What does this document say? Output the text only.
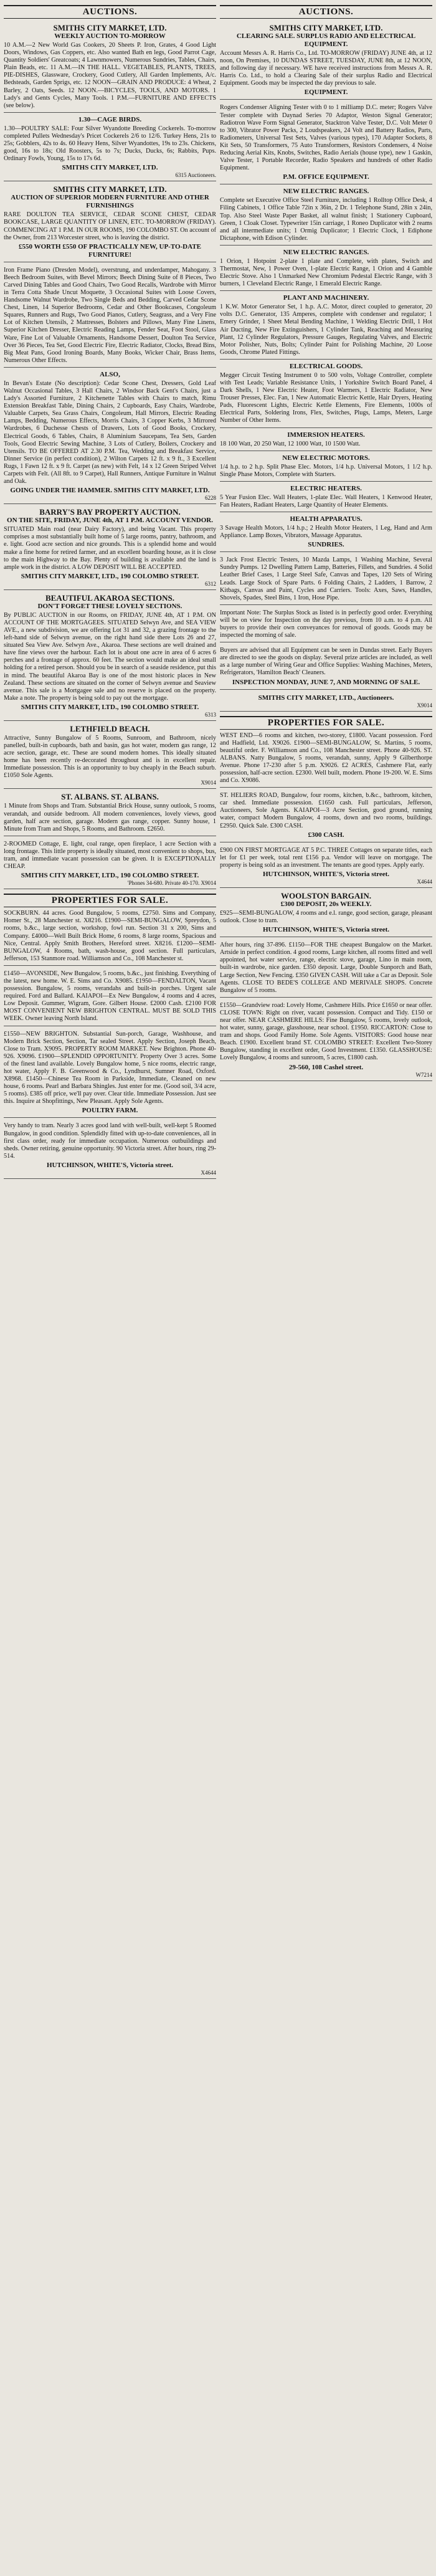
AUCTIONS.
SMITHS CITY MARKET, LTD.
WEEKLY AUCTION TO-MORROW
10 A.M.—2 New World Gas Cookers, 20 Sheets P. Iron, Grates, 4 Good Light Doors, Windows, Gas Coppers, etc. Also wanted Bath en legs, Good Parrot Cage, Quantity Soldiers' Greatcoats; 4 Lawnmowers, Numerous Sundries, Tables, Chairs, Plain Beads, etc. 11 A.M.—IN THE HALL. VEGETABLES, PLANTS, TREES, PIE-DISHES, Glassware, Crockery, Good Cutlery, All Garden Implements, A/c. Bedsteads, Garden Sprigs, etc. 12 NOON—GRAIN AND PRODUCE: 4 Wheat, 2 Barley, 2 Oats, Seeds. 12 NOON.—BICYCLES, TOOLS, AND MOTORS. 1 Lady's and Gents Cycles, Many Tools. 1 P.M.—FURNITURE AND EFFECTS (see below).
1.30—CAGE BIRDS.
1.30—POULTRY SALE: Four Silver Wyandotte Breeding Cockerels. To-morrow completed Pullets Wednesday's Pricet Cockerels 2/6 to 12/6. Turkey Hens, 21s to 25s; Gobblers, 42s to 4s. 60 Heavy Hens, Silver Wyandottes, 19s to 23s. Chickens, good, 16s to 18s; Old Roosters, 5s to 7s; Ducks, Ducks, 6s; Rabbits, Pups. Ordinary Fowls, Young, 15s to 17s 6d.
SMITHS CITY MARKET, LTD.
6315 Auctioneers.
SMITHS CITY MARKET, LTD.
AUCTION OF SUPERIOR MODERN FURNITURE AND OTHER FURNISHINGS
RARE DOULTON TEA SERVICE, CEDAR SCONE CHEST, CEDAR BOOKCASE, LARGE QUANTITY OF LINEN, ETC. TO-MORROW (FRIDAY). COMMENCING AT 1 P.M. IN OUR ROOMS, 190 COLOMBO ST. On account of the Owner, from 213 Worcester street, who is leaving the district.
£550 WORTH £550 OF PRACTICALLY NEW, UP-TO-DATE FURNITURE!
Iron Frame Piano (Dresden Model), overstrung, and underdamper, Mahogany. 3 Beech Bedroom Suites, with Bevel Mirrors; Beech Dining Suite of 8 Pieces, Two Carved Dining Tables and Good Chairs, Two Good Recalls, Wardrobe with Mirror in Terra Cotta Shade Uncut Moquette, 3 Occasional Suites with Loose Covers, Handsome Walnut Wardrobe, Two Single Beds and Bedding, Carved Cedar Scone Chest, Linen, 14 Superior Bedrooms, Cedar and Other Bookcases, Congoleum Squares, Runners and Rugs, Two Good Pianos, Cutlery, Seagrass, and a Very Fine Lot of Kitchen Utensils, 2 Mattresses, Bolsters and Pillows, Many Fine Linens, Superior Kitchen Dresser, Electric Reading Lamps, Fender Seat, Foot Stool, Glass Ware, Fine Lot of Valuable Ornaments, Handsome Dessert, Doulton Tea Service, Over 36 Pieces, Tea Set, Good Electric Fire, Electric Radiator, Clocks, Bread Bins, Big Meat Pans, Good Ironing Boards, Many Books, Wicker Chair, Brass Items, Numerous Other Effects.
ALSO,
In Bevan's Estate (No description): Cedar Scone Chest, Dressers, Gold Leaf Walnut Occasional Tables, 3 Hall Chairs, 2 Windsor Back Gent's Chairs, just a Lady's Assorted Furniture, 2 Kitchenette Tables with Chairs to match, Rimu Extension Breakfast Table, Dining Chairs, 2 Cupboards, Easy Chairs, Wardrobe, Valuable Carpets, Sea Grass Chairs, Congoleum, Hall Mirrors, Electric Reading Lamps, Bedding, Numerous Effects, Morris Chairs, 3 Copper Kerbs, 3 Mirrored Wardrobes, 6 Duchesse Chests of Drawers, Lots of Good Books, Crockery, Electrical Goods, 6 Tables, Chairs, 8 Aluminium Saucepans, Tea Sets, Garden Tools, Good Electric Sewing Machine, 3 Lots of Cutlery, Boilers, Crockery and Utensils. TO BE OFFERED AT 2.30 P.M. Tea, Wedding and Breakfast Service, Dinner Service (in perfect condition), 2 Wilton Carpets 12 ft. x 9 ft., 3 Excellent Rugs, 1 Fawn 12 ft. x 9 ft. Carpet (as new) with Felt, 14 x 12 Green Striped Velvet Carpets with Felt. (All 8ft. to 9 Carpet), Hall Runners, Antique Furniture in Walnut and Oak.
GOING UNDER THE HAMMER. SMITHS CITY MARKET, LTD.
6228
BARRY'S BAY PROPERTY AUCTION.
ON THE SITE, FRIDAY, JUNE 4th, AT 1 P.M. ACCOUNT VENDOR.
SITUATED Main road (near Dairy Factory), and being Vacant. This property comprises a most substantially built home of 5 large rooms, pantry, bathroom, and e. light. Good acre section and nice grounds. This is a splendid home and would make a fine home for retired farmer, and an excellent boarding house, as it is close to the main Highway to the Bay. Plenty of building is available and the land is ample work in the district. A LOW DEPOSIT WILL BE ACCEPTED.
SMITHS CITY MARKET, LTD., 190 COLOMBO STREET.
6312
BEAUTIFUL AKAROA SECTIONS.
DON'T FORGET THESE LOVELY SECTIONS.
By PUBLIC AUCTION in our Rooms, on FRIDAY, JUNE 4th, AT 1 P.M. ON ACCOUNT OF THE MORTGAGEES. SITUATED Selwyn Ave, and SEA VIEW AVE., a new subdivision, we are offering Lot 31 and 32, a grazing frontage to the left-hand side of Selwyn avenue, on the right hand side there Lots 26 and 27, situated Sea View Ave. Selwyn Ave., Akaroa. These sections are well drained and have fine views over the harbour. Each lot is about one acre in area of 6 acres 6 perches and a frontage of approx. 60 feet. The section would make an ideal small holding for a retired person. Should you be in search of a seaside residence, put this in mind. The beautiful Akaroa Bay is one of the most historic places in New Zealand. These sections are situated on the corner of Selwyn avenue and Seaview avenue. This sale is a Mortgagee sale and no reserve is placed on the property. Make a note. The property is being sold to pay out the mortgage.
SMITHS CITY MARKET, LTD., 190 COLOMBO STREET.
6313
LETHFIELD BEACH.
Attractive, Sunny Bungalow of 5 Rooms, Sunroom, and Bathroom, nicely panelled, built-in cupboards, bath and basin, gas hot water, modern gas range, 12 acre section, garage, etc. These are sound modern homes. This ideally situated home has been recently re-decorated throughout and is in excellent repair. Immediate possession. This is an opportunity to buy cheaply in the Beach suburb. £1050 Sole Agents.
X9014
ST. ALBANS. ST. ALBANS.
1 Minute from Shops and Tram. Substantial Brick House, sunny outlook, 5 rooms, verandah, and outside bedroom. All modern conveniences, lovely views, good garden, half acre section, garage. Modern gas range, copper. Sunny house, 1 Minute from Tram and Shops, 5 Rooms, and Bathroom. £2650.
2-ROOMED Cottage, E. light, coal range, open fireplace, 1 acre Section with a long frontage. This little property is ideally situated, most convenient to shops, bus, tram, and immediate vacant possession can be given. It is EXCEPTIONALLY CHEAP.
SMITHS CITY MARKET, LTD., 190 COLOMBO STREET.
'Phones 34-680. Private 40-170. X9014
PROPERTIES FOR SALE.
SOCKBURN. 44 acres. Good Bungalow, 5 rooms, £2750. Sims and Company, Homer St., 28 Manchester st. X8216. £1900—SEMI-BUNGALOW, Spreydon, 5 rooms, b.&c., large section, workshop, fowl run. Section 31 x 200, Sims and Company. £4000—Well Built Brick Home, 6 rooms, 8 large rooms, Spacious and Nice, Central. Apply Smith Brothers, Hereford street. X8216. £1200—SEMI-BUNGALOW, 4 Rooms, bath, wash-house, good section. Full particulars, Jefferson, 153 Stanmore road. Williamson and Co., 108 Manchester st.
£1450—AVONSIDE, New Bungalow, 5 rooms, b.&c., just finishing. Everything of the latest, new home. W. E. Sims and Co. X9085. £1950—FENDALTON, Vacant possession. Bungalow, 5 rooms, verandahs and built-in porches. Urgent sale required. Ford and Ballard. KAIAPOI—Ex New Bungalow, 4 rooms and 4 acres, Low Deposit. Gummer, Wigram, Gore. Gilbert House. £2000 Cash. £2100 FOR MOST CONVENIENT NEW BRIGHTON CENTRAL. MUST BE SOLD THIS WEEK. Owner leaving North Island.
£1550—NEW BRIGHTON. Substantial Sun-porch, Garage, Washhouse, and Modern Brick Section, Section, Tar sealed Street. Apply Section, Joseph Beach, Close to Tram. X9095. PROPERTY ROOM MARKET. New Brighton. Phone 40-926. X9096. £1900—SPLENDID OPPORTUNITY. Property Over 3 acres. Some of the finest land available. Lovely Bungalow home, 5 nice rooms, electric range, hot water, Apply F. B. Greenwood & Co., Lyndhurst, Sumner Road, Oxford. X8968. £1450—Chinese Tea Room in Parkside, Immediate, Cleaned on new house, 6 rooms. Pearl and Barbara Shingles. Just enter for me. (Good soil, 3/4 acre, 5 rooms). £385 off price, we'll pay over. Clear title. Immediate Possession. Just see this. Inquire at Shopfittings, New Pleasant. Apply Sole Agents.
POULTRY FARM.
Very handy to tram. Nearly 3 acres good land with well-built, well-kept 5 Roomed Bungalow, in good condition. Splendidly fitted with up-to-date conveniences, all in first class order, ready for immediate occupation. Numerous outbuildings and sheds. Owner retiring, genuine opportunity. 90 Victoria street. After hours, ring 29-514.
HUTCHINSON, WHITE'S, Victoria street.
X4644
AUCTIONS.
SMITHS CITY MARKET, LTD.
CLEARING SALE. SURPLUS RADIO AND ELECTRICAL EQUIPMENT.
Account Messrs A. R. Harris Co., Ltd. TO-MORROW (FRIDAY) JUNE 4th, at 12 noon, On Premises, 10 DUNDAS STREET, TUESDAY, JUNE 8th, at 12 NOON, and following day if necessary. WE have received instructions from Messrs A. R. Harris Co. Ltd., to hold a Clearing Sale of their surplus Radio and Electrical Equipment. Goods may be inspected the day previous to sale.
EQUIPMENT.
Rogers Condenser Aligning Tester with 0 to 1 milliamp D.C. meter; Rogers Valve Tester complete with Daynad Series 70 Adaptor, Weston Signal Generator; Radiotron Wave Form Signal Generator, Stacktron Valve Tester, D.C. Volt Meter 0 to 300, Vibrator Power Packs, 2 Loudspeakers, 24 Volt and Battery Radios, Parts, Radiometers, Universal Test Sets, Valves (various types), 170 Adapter Sockets, 8 Kit Sets, 50 Transformers, 75 Auto Transformers, Resistors Condensers, 4 Noise Reducing Aerial Kits, Knobs, Switches, Radio Aerials (house type), new 1 Gaskin, Valve Tester, 1 Portable Recorder, Radio Speakers and hundreds of other Radio Equipment.
P.M. OFFICE EQUIPMENT.
NEW ELECTRIC RANGES.
Complete set Executive Office Steel Furniture, including 1 Rolltop Office Desk, 4 Filing Cabinets, 1 Office Table 72in x 36in, 2 Dr. 1 Telephone Stand, 28in x 24in, Top. Also Steel Waste Paper Basket, all walnut finish; 1 Stationery Cupboard, Green, 1 Cloak Closet. Typewriter 15in carriage, 1 Roneo Duplicator with 2 reams and all intermediate units; 1 Ormig Duplicator; 1 Electric Clock, 1 Ediphone Dictaphone, with Edison Cylinder.
NEW ELECTRIC RANGES.
1 Orion, 1 Hotpoint 2-plate 1 plate and Complete, with plates, Switch and Thermostat, New, 1 Power Oven, 1-plate Electric Range, 1 Orion and 4 Gamble Electric Stove. Also 1 Unmarked New Chromium Pedestal Electric Range, with 3 burners, 1 Cleveland Electric Range, 1 Emerald Electric Range.
PLANT AND MACHINERY.
1 K.W. Motor Generator Set, 1 h.p. A.C. Motor, direct coupled to generator, 20 volts D.C. Generator, 135 Amperes, complete with condenser and regulator; 1 Emery Grinder, 1 Sheet Metal Bending Machine, 1 Welding Electric Drill, 1 Hot Air Ducting, New Fire Extinguishers, 1 Cylinder Tank, Reaching and Measuring Plant, 12 Cylinder Regulators, Pressure Gauges, Regulating Valves, and Electric Motor Polisher, Nuts, Bolts; Cylinder Paint for Polishing Machine, 20 Loose Goods, Chrome Plated Fittings.
ELECTRICAL GOODS.
Megger Circuit Testing Instrument 0 to 500 volts, Voltage Controller, complete with Test Leads; Variable Resistance Units, 1 Yorkshire Switch Board Panel, 4 Dark Shells, 1 New Electric Heater, Foot Warmers, 1 Electric Radiator, New Trouser Presses, Elec. Fan, 1 New Automatic Electric Kettle, Hair Dryers, Heating Pads, Fluorescent Lights, Electric Kettle Elements, Fire Elements, 1000s of Electrical Parts, Soldering Irons, Flex, Switches, Plugs, Lamps, Meters, Large Number of Other Items.
IMMERSION HEATERS.
18 100 Watt, 20 250 Watt, 12 1000 Watt, 10 1500 Watt.
NEW ELECTRIC MOTORS.
1/4 h.p. to 2 h.p. Split Phase Elec. Motors, 1/4 h.p. Universal Motors, 1 1/2 h.p. Single Phase Motors, Complete with Starters.
ELECTRIC HEATERS.
5 Year Fusion Elec. Wall Heaters, 1-plate Elec. Wall Heaters, 1 Kenwood Heater, Fan Heaters, Radiant Heaters, Large Quantity of Heater Elements.
HEALTH APPARATUS.
3 Savage Health Motors, 1/4 h.p.; 2 Health Motor Heaters, 1 Leg, Hand and Arm Appliance. Lamp Boxes, Vibrators, Massage Apparatus.
SUNDRIES.
3 Jack Frost Electric Testers, 10 Mazda Lamps, 1 Washing Machine, Several Sundry Pumps. 12 Dwelling Pattern Lamp, Batteries, Fillets, and Sundries. 4 Solid Leather Brief Cases, 1 Large Steel Safe, Canvas and Tapes, 120 Sets of Wiring Leads. Large Stock of Spare Parts. 6 Folding Chairs, 2 Ladders, 1 Barrow, 2 Kitbags, Canvas and Paint, Cycles and Carriers. Tools: Axes, Saws, Handles, Shovels, Spades, Steel Bins, 1 Iron, Hose Pipe.
Important Note: The Surplus Stock as listed is in perfectly good order. Everything will be on view for Inspection on the day previous, from 10 a.m. to 4 p.m. All buyers to provide their own conveyances for removal of goods. Goods may be inspected the morning of sale.
Buyers are advised that all Equipment can be seen in Dundas street. Early Buyers are directed to see the goods on display. Several prize articles are included, as well as a large number of Wiring Gear and Office Supplies: Washing Machines, Meters, Refrigerators, 'Hamilton Beach' Cleaners.
INSPECTION MONDAY, JUNE 7, AND MORNING OF SALE.
SMITHS CITY MARKET, LTD., Auctioneers.
X9014
PROPERTIES FOR SALE.
WEST END—6 rooms and kitchen, two-storey, £1800. Vacant possession. Ford and Hadfield, Ltd. X9026. £1900—SEMI-BUNGALOW, St. Martins, 5 rooms, beautiful order. F. Williamson and Co., 108 Manchester street. Phone 40-926. ST. ALBANS. Natty Bungalow, 5 rooms, verandah, sunny, Apply 9 Gilberthorpe Avenue. Phone 17-230 after 5 p.m. X9026. £2 ACRES, Cashmere Flat, early possession, half-acre section. £2300. Well built, modern. Phone 19-200. W. E. Sims and Co. X9086.
ST. HELIERS ROAD, Bungalow, four rooms, kitchen, b.&c., bathroom, kitchen, car shed. Immediate possession. £1650 cash. Full particulars, Jefferson, Auctioneers, Sole Agents. KAIAPOI—3 Acre Section, good ground, running water, compact Modern Bungalow, 4 rooms, down and two rooms, buildings. £2950. Quick Sale. £300 CASH.
£300 CASH.
£900 ON FIRST MORTGAGE AT 5 P.C. THREE Cottages on separate titles, each let for £1 per week, total rent £156 p.a. Vendor will leave on mortgage. The property is being sold as an investment. The tenants are good types. Apply early.
HUTCHINSON, WHITE'S, Victoria street.
X4644
WOOLSTON BARGAIN.
£300 DEPOSIT, 20s WEEKLY.
£925—SEMI-BUNGALOW, 4 rooms and e.l. range, good section, garage, pleasant outlook. Close to tram.
HUTCHINSON, WHITE'S, Victoria street.
After hours, ring 37-896. £1150—FOR THE cheapest Bungalow on the Market. Artside in perfect condition. 4 good rooms, Large kitchen, all rooms fitted and well appointed, hot water service, range, electric stove, garage, Lino in main room, built-in wardrobe, nice garden. £350 deposit. Large, Double Sunporch and Bath, Large Section, New Fencing. £350 GIVEN CASH. Will take a Car as Deposit. Sole Agents. CLOSE TO BEDE'S COLLEGE AND MERIVALE SHOPS. Concrete Bungalow of 5 rooms.
£1550—Grandview road: Lovely Home, Cashmere Hills. Price £1650 or near offer. CLOSE TOWN: Right on river, vacant possession. Compact and Tidy. £150 or near offer. NEAR CASHMERE HILLS: Fine Bungalow, 5 rooms, lovely outlook, hot water, sunny, garage, glasshouse, near school. £1950. RICCARTON: Close to tram and shops. Good Family Home. Sole Agents. VISITORS: Good house near Beach. £1900. Excellent brand ST. COLOMBO STREET: Excellent Two-Storey Bungalow, standing in excellent order, Good Investment. £1350. GLASSHOUSE: Lovely Bungalow, 4 rooms and sunroom, 5 acres, £1800 cash.
29-560, 108 Cashel street.
W7214
